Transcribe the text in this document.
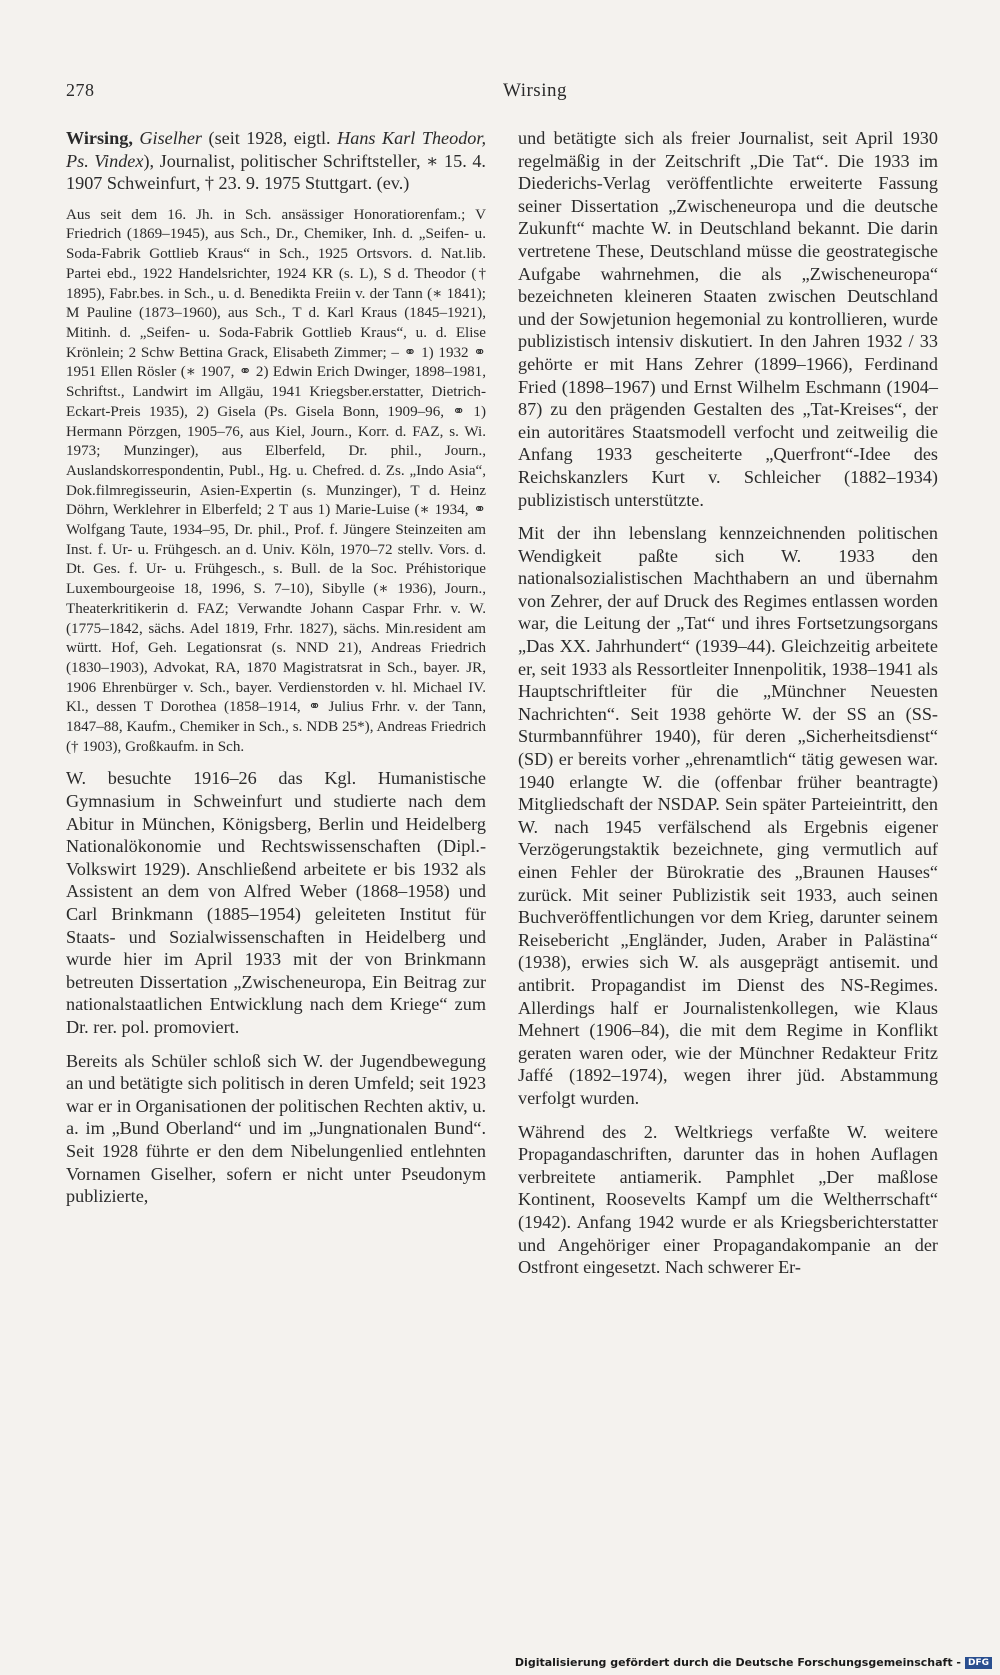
278	Wirsing

Wirsing, Giselher (seit 1928, eigtl. Hans Karl Theodor, Ps. Vindex), Journalist, politischer Schriftsteller, ∗ 15. 4. 1907 Schweinfurt, † 23. 9. 1975 Stuttgart. (ev.)

Aus seit dem 16. Jh. in Sch. ansässiger Honoratiorenfam.; V Friedrich (1869–1945), aus Sch., Dr., Chemiker, Inh. d. „Seifen- u. Soda-Fabrik Gottlieb Kraus“ in Sch., 1925 Ortsvors. d. Nat.lib. Partei ebd., 1922 Handelsrichter, 1924 KR (s. L), S d. Theodor († 1895), Fabr.bes. in Sch., u. d. Benedikta Freiin v. der Tann (∗ 1841); M Pauline (1873–1960), aus Sch., T d. Karl Kraus (1845–1921), Mitinh. d. „Seifen- u. Soda-Fabrik Gottlieb Kraus“, u. d. Elise Krönlein; 2 Schw Bettina Grack, Elisabeth Zimmer; – ⚭ 1) 1932 ⚭ 1951 Ellen Rösler (∗ 1907, ⚭ 2) Edwin Erich Dwinger, 1898–1981, Schriftst., Landwirt im Allgäu, 1941 Kriegsber.erstatter, Dietrich-Eckart-Preis 1935), 2) Gisela (Ps. Gisela Bonn, 1909–96, ⚭ 1) Hermann Pörzgen, 1905–76, aus Kiel, Journ., Korr. d. FAZ, s. Wi. 1973; Munzinger), aus Elberfeld, Dr. phil., Journ., Auslandskorrespondentin, Publ., Hg. u. Chefred. d. Zs. „Indo Asia“, Dok.filmregisseurin, Asien-Expertin (s. Munzinger), T d. Heinz Döhrn, Werklehrer in Elberfeld; 2 T aus 1) Marie-Luise (∗ 1934, ⚭ Wolfgang Taute, 1934–95, Dr. phil., Prof. f. Jüngere Steinzeiten am Inst. f. Ur- u. Frühgesch. an d. Univ. Köln, 1970–72 stellv. Vors. d. Dt. Ges. f. Ur- u. Frühgesch., s. Bull. de la Soc. Préhistorique Luxembourgeoise 18, 1996, S. 7–10), Sibylle (∗ 1936), Journ., Theaterkritikerin d. FAZ; Verwandte Johann Caspar Frhr. v. W. (1775–1842, sächs. Adel 1819, Frhr. 1827), sächs. Min.resident am württ. Hof, Geh. Legationsrat (s. NND 21), Andreas Friedrich (1830–1903), Advokat, RA, 1870 Magistratsrat in Sch., bayer. JR, 1906 Ehrenbürger v. Sch., bayer. Verdienstorden v. hl. Michael IV. Kl., dessen T Dorothea (1858–1914, ⚭ Julius Frhr. v. der Tann, 1847–88, Kaufm., Chemiker in Sch., s. NDB 25*), Andreas Friedrich († 1903), Großkaufm. in Sch.

W. besuchte 1916–26 das Kgl. Humanistische Gymnasium in Schweinfurt und studierte nach dem Abitur in München, Königsberg, Berlin und Heidelberg Nationalökonomie und Rechtswissenschaften (Dipl.-Volkswirt 1929). Anschließend arbeitete er bis 1932 als Assistent an dem von Alfred Weber (1868–1958) und Carl Brinkmann (1885–1954) geleiteten Institut für Staats- und Sozialwissenschaften in Heidelberg und wurde hier im April 1933 mit der von Brinkmann betreuten Dissertation „Zwischeneuropa, Ein Beitrag zur nationalstaatlichen Entwicklung nach dem Kriege“ zum Dr. rer. pol. promoviert.

Bereits als Schüler schloß sich W. der Jugendbewegung an und betätigte sich politisch in deren Umfeld; seit 1923 war er in Organisationen der politischen Rechten aktiv, u. a. im „Bund Oberland“ und im „Jungnationalen Bund“. Seit 1928 führte er den dem Nibelungenlied entlehnten Vornamen Giselher, sofern er nicht unter Pseudonym publizierte,

und betätigte sich als freier Journalist, seit April 1930 regelmäßig in der Zeitschrift „Die Tat“. Die 1933 im Diederichs-Verlag veröffentlichte erweiterte Fassung seiner Dissertation „Zwischeneuropa und die deutsche Zukunft“ machte W. in Deutschland bekannt. Die darin vertretene These, Deutschland müsse die geostrategische Aufgabe wahrnehmen, die als „Zwischeneuropa“ bezeichneten kleineren Staaten zwischen Deutschland und der Sowjetunion hegemonial zu kontrollieren, wurde publizistisch intensiv diskutiert. In den Jahren 1932 / 33 gehörte er mit Hans Zehrer (1899–1966), Ferdinand Fried (1898–1967) und Ernst Wilhelm Eschmann (1904–87) zu den prägenden Gestalten des „Tat-Kreises“, der ein autoritäres Staatsmodell verfocht und zeitweilig die Anfang 1933 gescheiterte „Querfront“-Idee des Reichskanzlers Kurt v. Schleicher (1882–1934) publizistisch unterstützte.

Mit der ihn lebenslang kennzeichnenden politischen Wendigkeit paßte sich W. 1933 den nationalsozialistischen Machthabern an und übernahm von Zehrer, der auf Druck des Regimes entlassen worden war, die Leitung der „Tat“ und ihres Fortsetzungsorgans „Das XX. Jahrhundert“ (1939–44). Gleichzeitig arbeitete er, seit 1933 als Ressortleiter Innenpolitik, 1938–1941 als Hauptschriftleiter für die „Münchner Neuesten Nachrichten“. Seit 1938 gehörte W. der SS an (SS-Sturmbannführer 1940), für deren „Sicherheitsdienst“ (SD) er bereits vorher „ehrenamtlich“ tätig gewesen war. 1940 erlangte W. die (offenbar früher beantragte) Mitgliedschaft der NSDAP. Sein später Parteieintritt, den W. nach 1945 verfälschend als Ergebnis eigener Verzögerungstaktik bezeichnete, ging vermutlich auf einen Fehler der Bürokratie des „Braunen Hauses“ zurück. Mit seiner Publizistik seit 1933, auch seinen Buchveröffentlichungen vor dem Krieg, darunter seinem Reisebericht „Engländer, Juden, Araber in Palästina“ (1938), erwies sich W. als ausgeprägt antisemit. und antibrit. Propagandist im Dienst des NS-Regimes. Allerdings half er Journalistenkollegen, wie Klaus Mehnert (1906–84), die mit dem Regime in Konflikt geraten waren oder, wie der Münchner Redakteur Fritz Jaffé (1892–1974), wegen ihrer jüd. Abstammung verfolgt wurden.

Während des 2. Weltkriegs verfaßte W. weitere Propagandaschriften, darunter das in hohen Auflagen verbreitete antiamerik. Pamphlet „Der maßlose Kontinent, Roosevelts Kampf um die Weltherrschaft“ (1942). Anfang 1942 wurde er als Kriegsberichterstatter und Angehöriger einer Propagandakompanie an der Ostfront eingesetzt. Nach schwerer Er-

Digitalisierung gefördert durch die Deutsche Forschungsgemeinschaft - DFG
